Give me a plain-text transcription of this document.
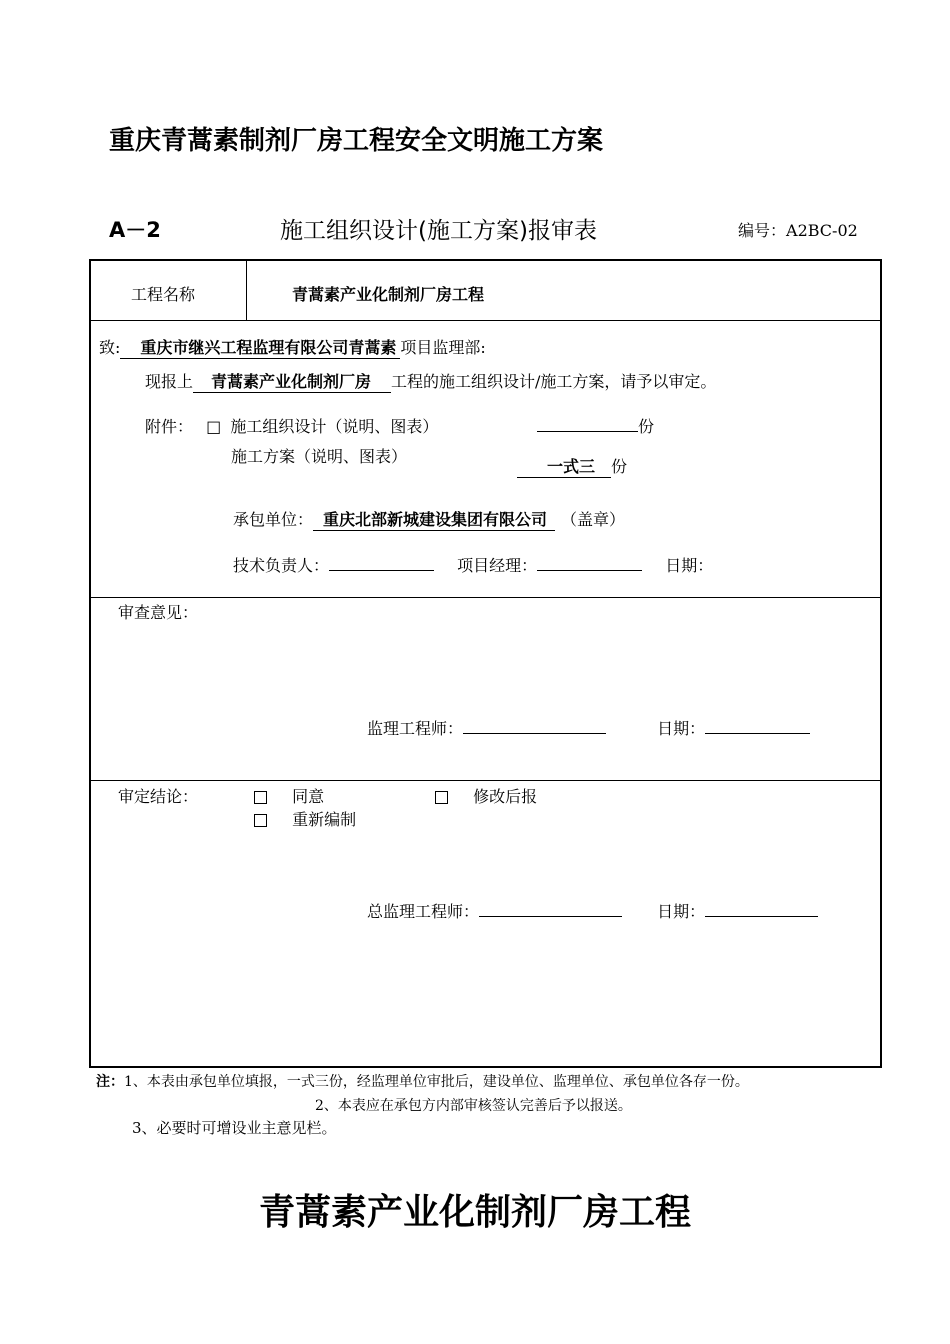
重庆青蒿素制剂厂房工程安全文明施工方案
A－2	施工组织设计(施工方案)报审表	编号：A2BC-02
工程名称	青蒿素产业化制剂厂房工程
致: 重庆市继兴工程监理有限公司青蒿素 项目监理部:
现报上 青蒿素产业化制剂厂房 工程的施工组织设计/施工方案，请予以审定。
附件： □ 施工组织设计（说明、图表）	份
施工方案（说明、图表）
一式三 份
承包单位： 重庆北部新城建设集团有限公司 （盖章）
技术负责人：	项目经理：	日期：
审查意见：
监理工程师：	日期：
审定结论：	同意	修改后报
重新编制
总监理工程师：	日期：
注：1、本表由承包单位填报，一式三份，经监理单位审批后，建设单位、监理单位、承包单位各存一份。
2、本表应在承包方内部审核签认完善后予以报送。
3、必要时可增设业主意见栏。
青蒿素产业化制剂厂房工程
